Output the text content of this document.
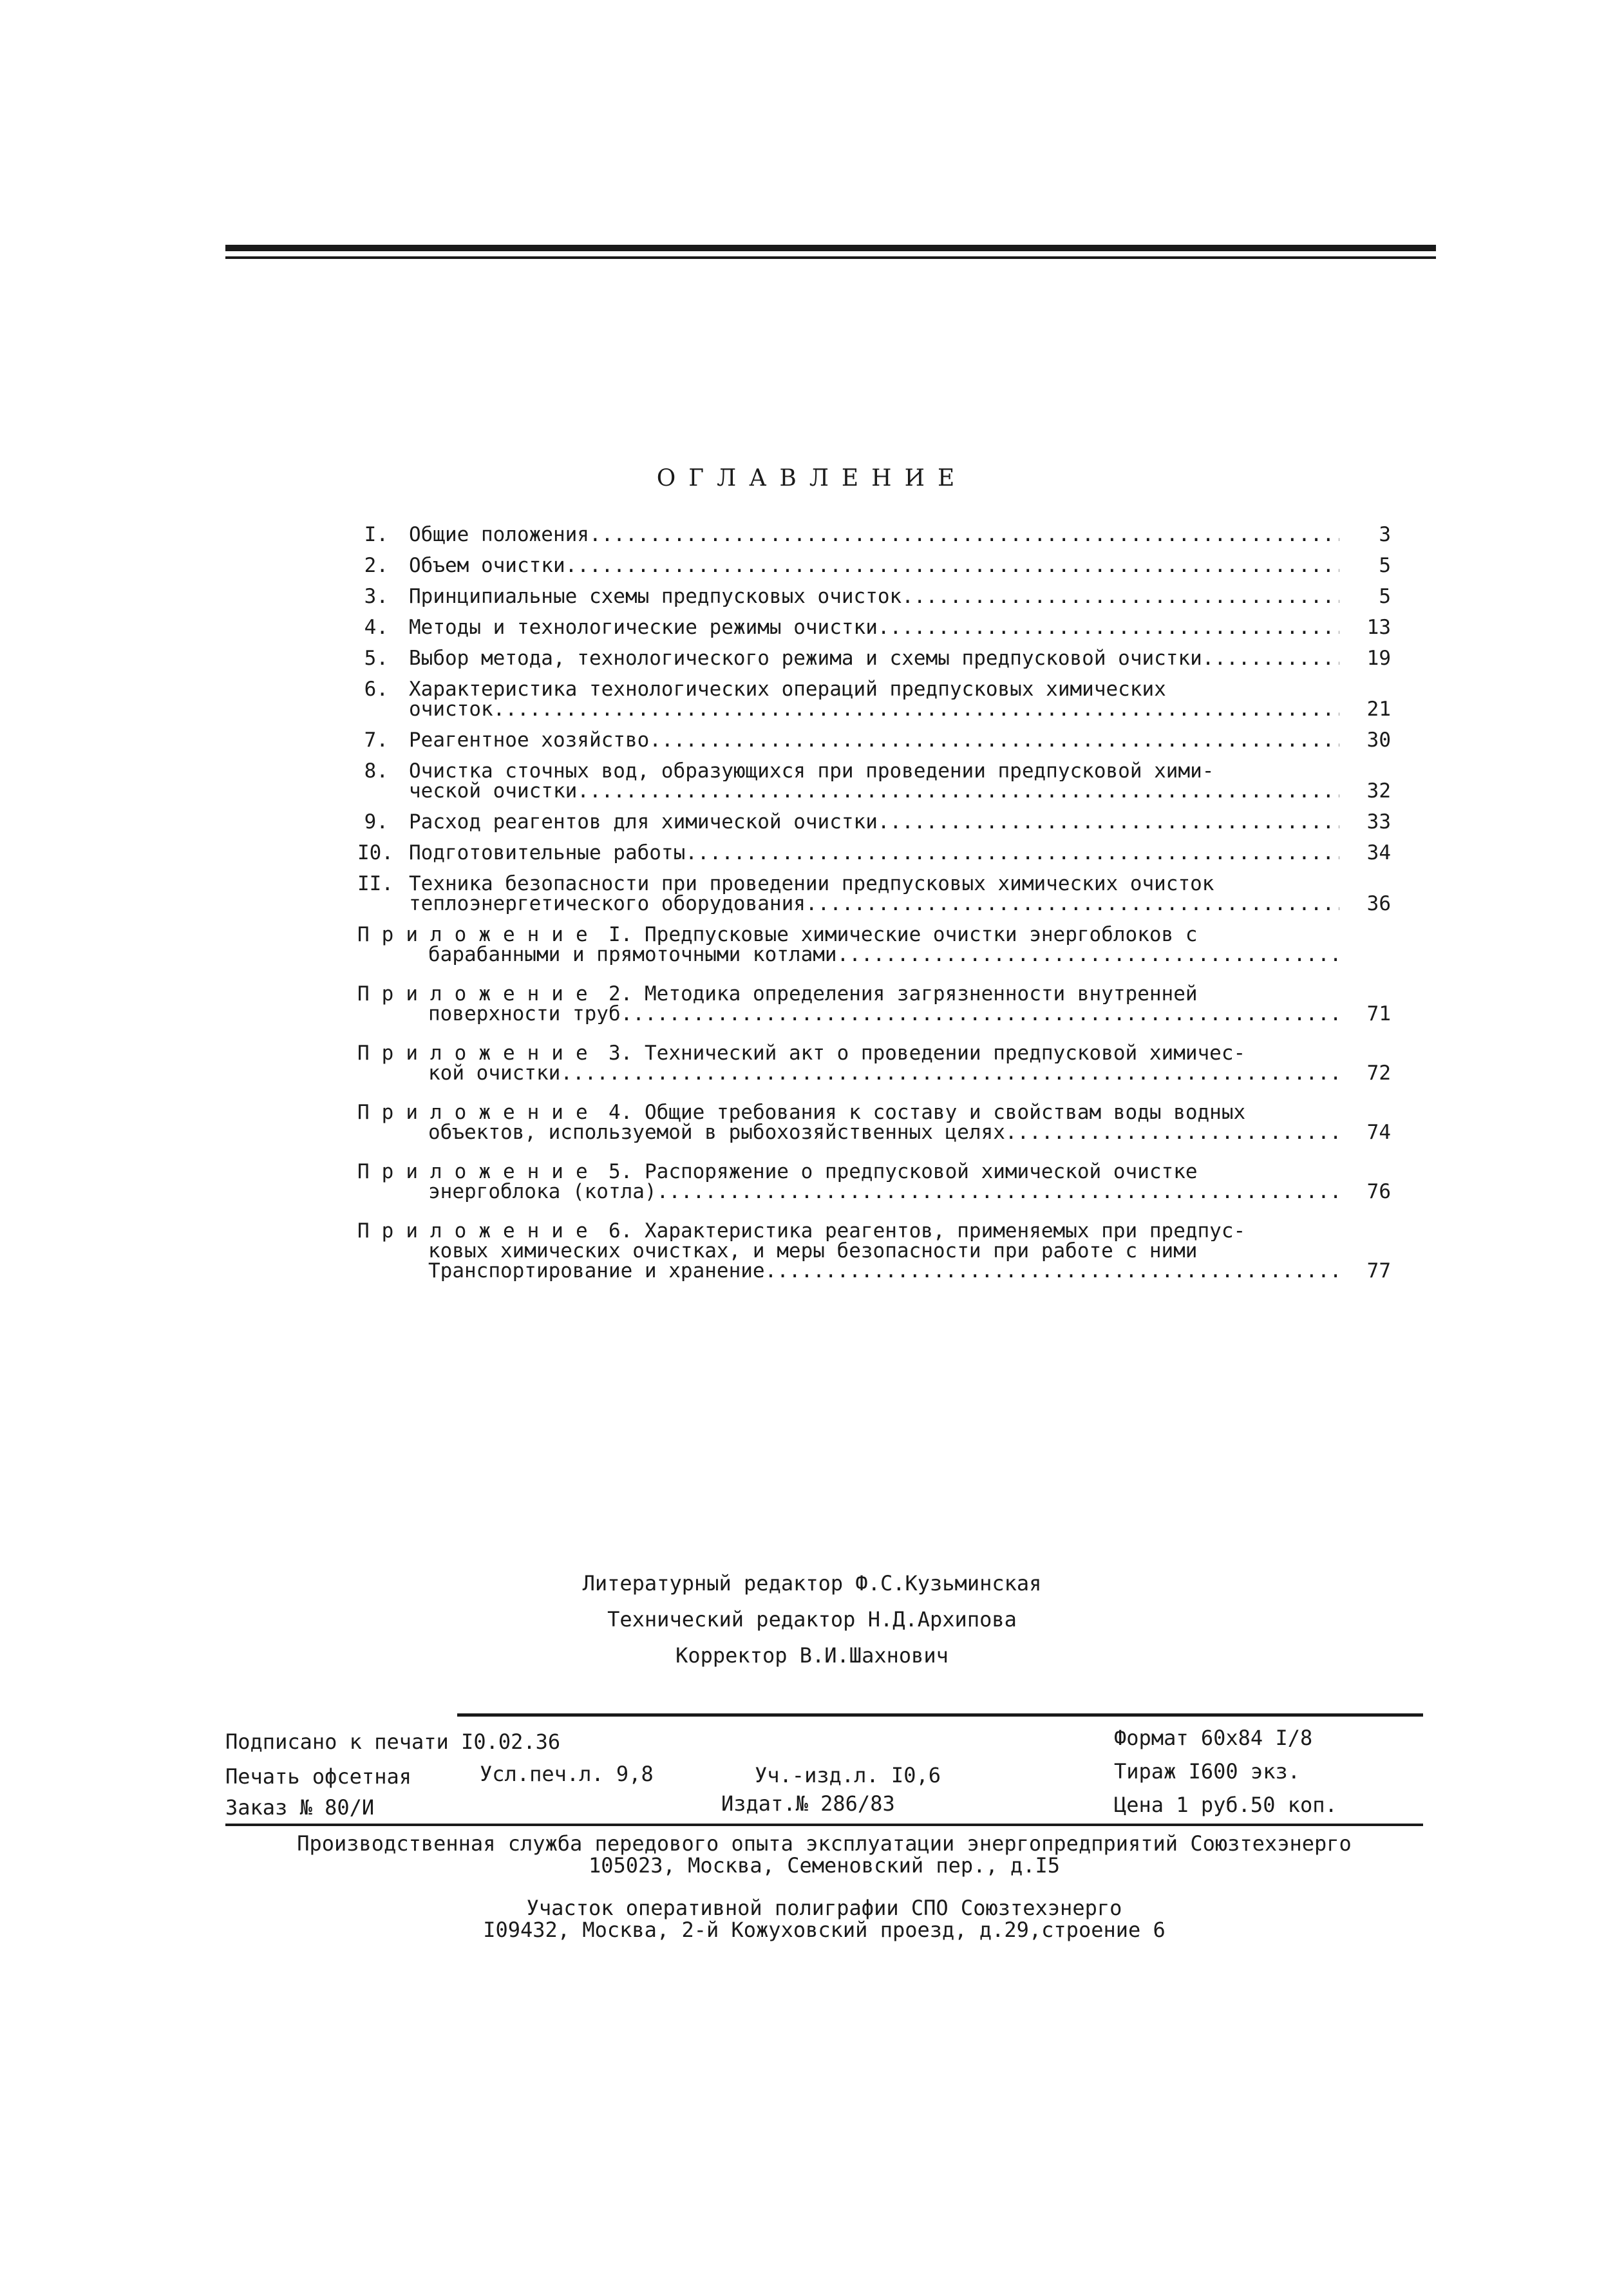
ОГЛАВЛЕНИЕ
I. Общие положения .....	3
2. Объем очистки .....	5
3. Принципиальные схемы предпусковых очисток .....	5
4. Методы и технологические режимы очистки .....	13
5. Выбор метода, технологического режима и схемы предпусковой очистки .....	19
6. Характеристика технологических операций предпусковых химических
очисток .....	21
7. Реагентное хозяйство .....	30
8. Очистка сточных вод, образующихся при проведении предпусковой хими-
ческой очистки .....	32
9. Расход реагентов для химической очистки .....	33
I0. Подготовительные работы .....	34
II. Техника безопасности при проведении предпусковых химических очисток
теплоэнергетического оборудования .....	36
Приложение I. Предпусковые химические очистки энергоблоков с
барабанными и прямоточными котлами
.....
Приложение 2. Методика определения загрязненности внутренней
поверхности труб .....	71
Приложение 3. Технический акт о проведении предпусковой химичес-
кой очистки .....	72
Приложение 4. Общие требования к составу и свойствам воды водных
объектов, используемой в рыбохозяйственных целях .....	74
Приложение 5. Распоряжение о предпусковой химической очистке
энергоблока (котла) .....	76
Приложение 6. Характеристика реагентов, применяемых при предпус-
ковых химических очистках, и меры безопасности при работе с ними
Транспортирование и хранение .....	77
Литературный редактор Ф.С.Кузьминская
Технический редактор Н.Д.Архипова
Корректор В.И.Шахнович
Подписано к печати I0.02.36	Формат 60x84 I/8
Печать офсетная	Усл.печ.л. 9,8	Уч.-изд.л. I0,6	Тираж I600 экз.
Заказ № 80/И	Издат.№ 286/83	Цена 1 руб.50 коп.
Производственная служба передового опыта эксплуатации энергопредприятий Союзтехэнерго
105023, Москва, Семеновский пер., д.I5
Участок оперативной полиграфии СПО Союзтехэнерго
I09432, Москва, 2-й Кожуховский проезд, д.29,строение 6
